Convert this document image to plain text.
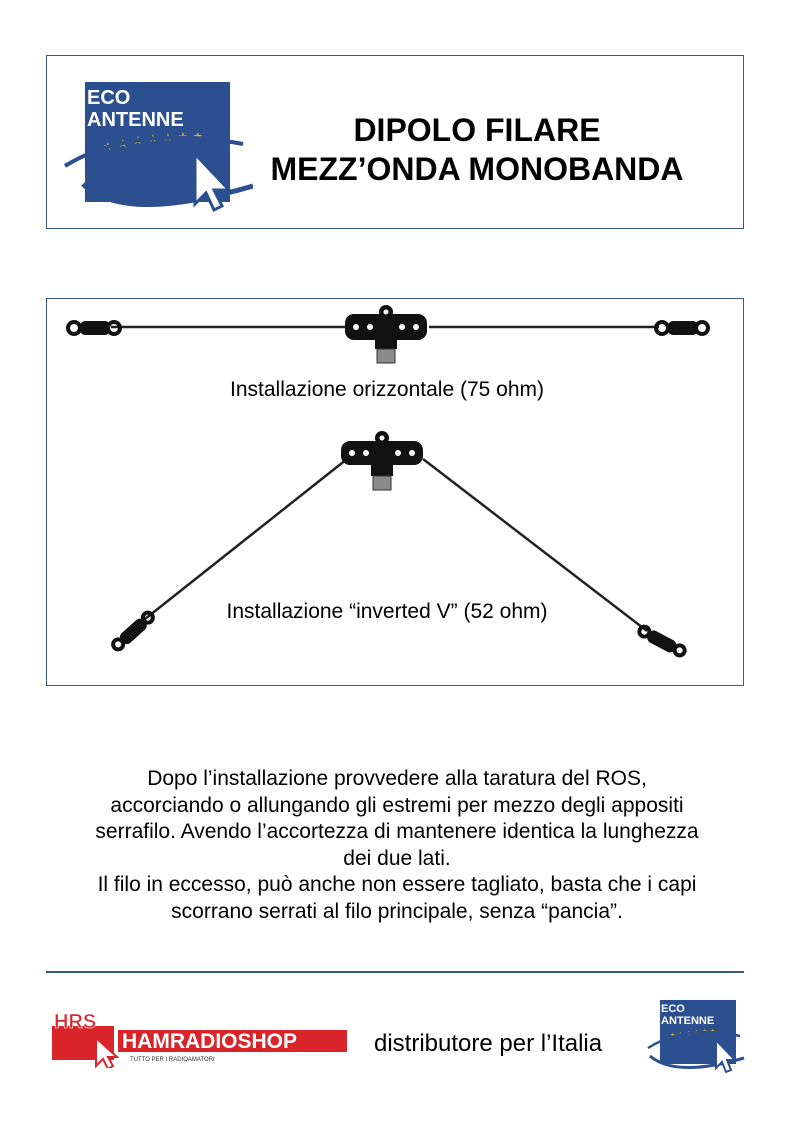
ECO
ANTENNE
★ ★ ★ ★ ★ ★ ★	DIPOLO FILARE
MEZZ’ONDA MONOBANDA
Installazione orizzontale (75 ohm)
Installazione “inverted V” (52 ohm)
Dopo l’installazione provvedere alla taratura del ROS,
accorciando o allungando gli estremi per mezzo degli appositi
serrafilo. Avendo l’accortezza di mantenere identica la lunghezza
dei due lati.
Il filo in eccesso, può anche non essere tagliato, basta che i capi
scorrano serrati al filo principale, senza “pancia”.
HRS
HAMRADIOSHOP
TUTTO PER I RADIOAMATORI
distributore per l’Italia
ECO
ANTENNE
★ ★ ★ ★ ★ ★
